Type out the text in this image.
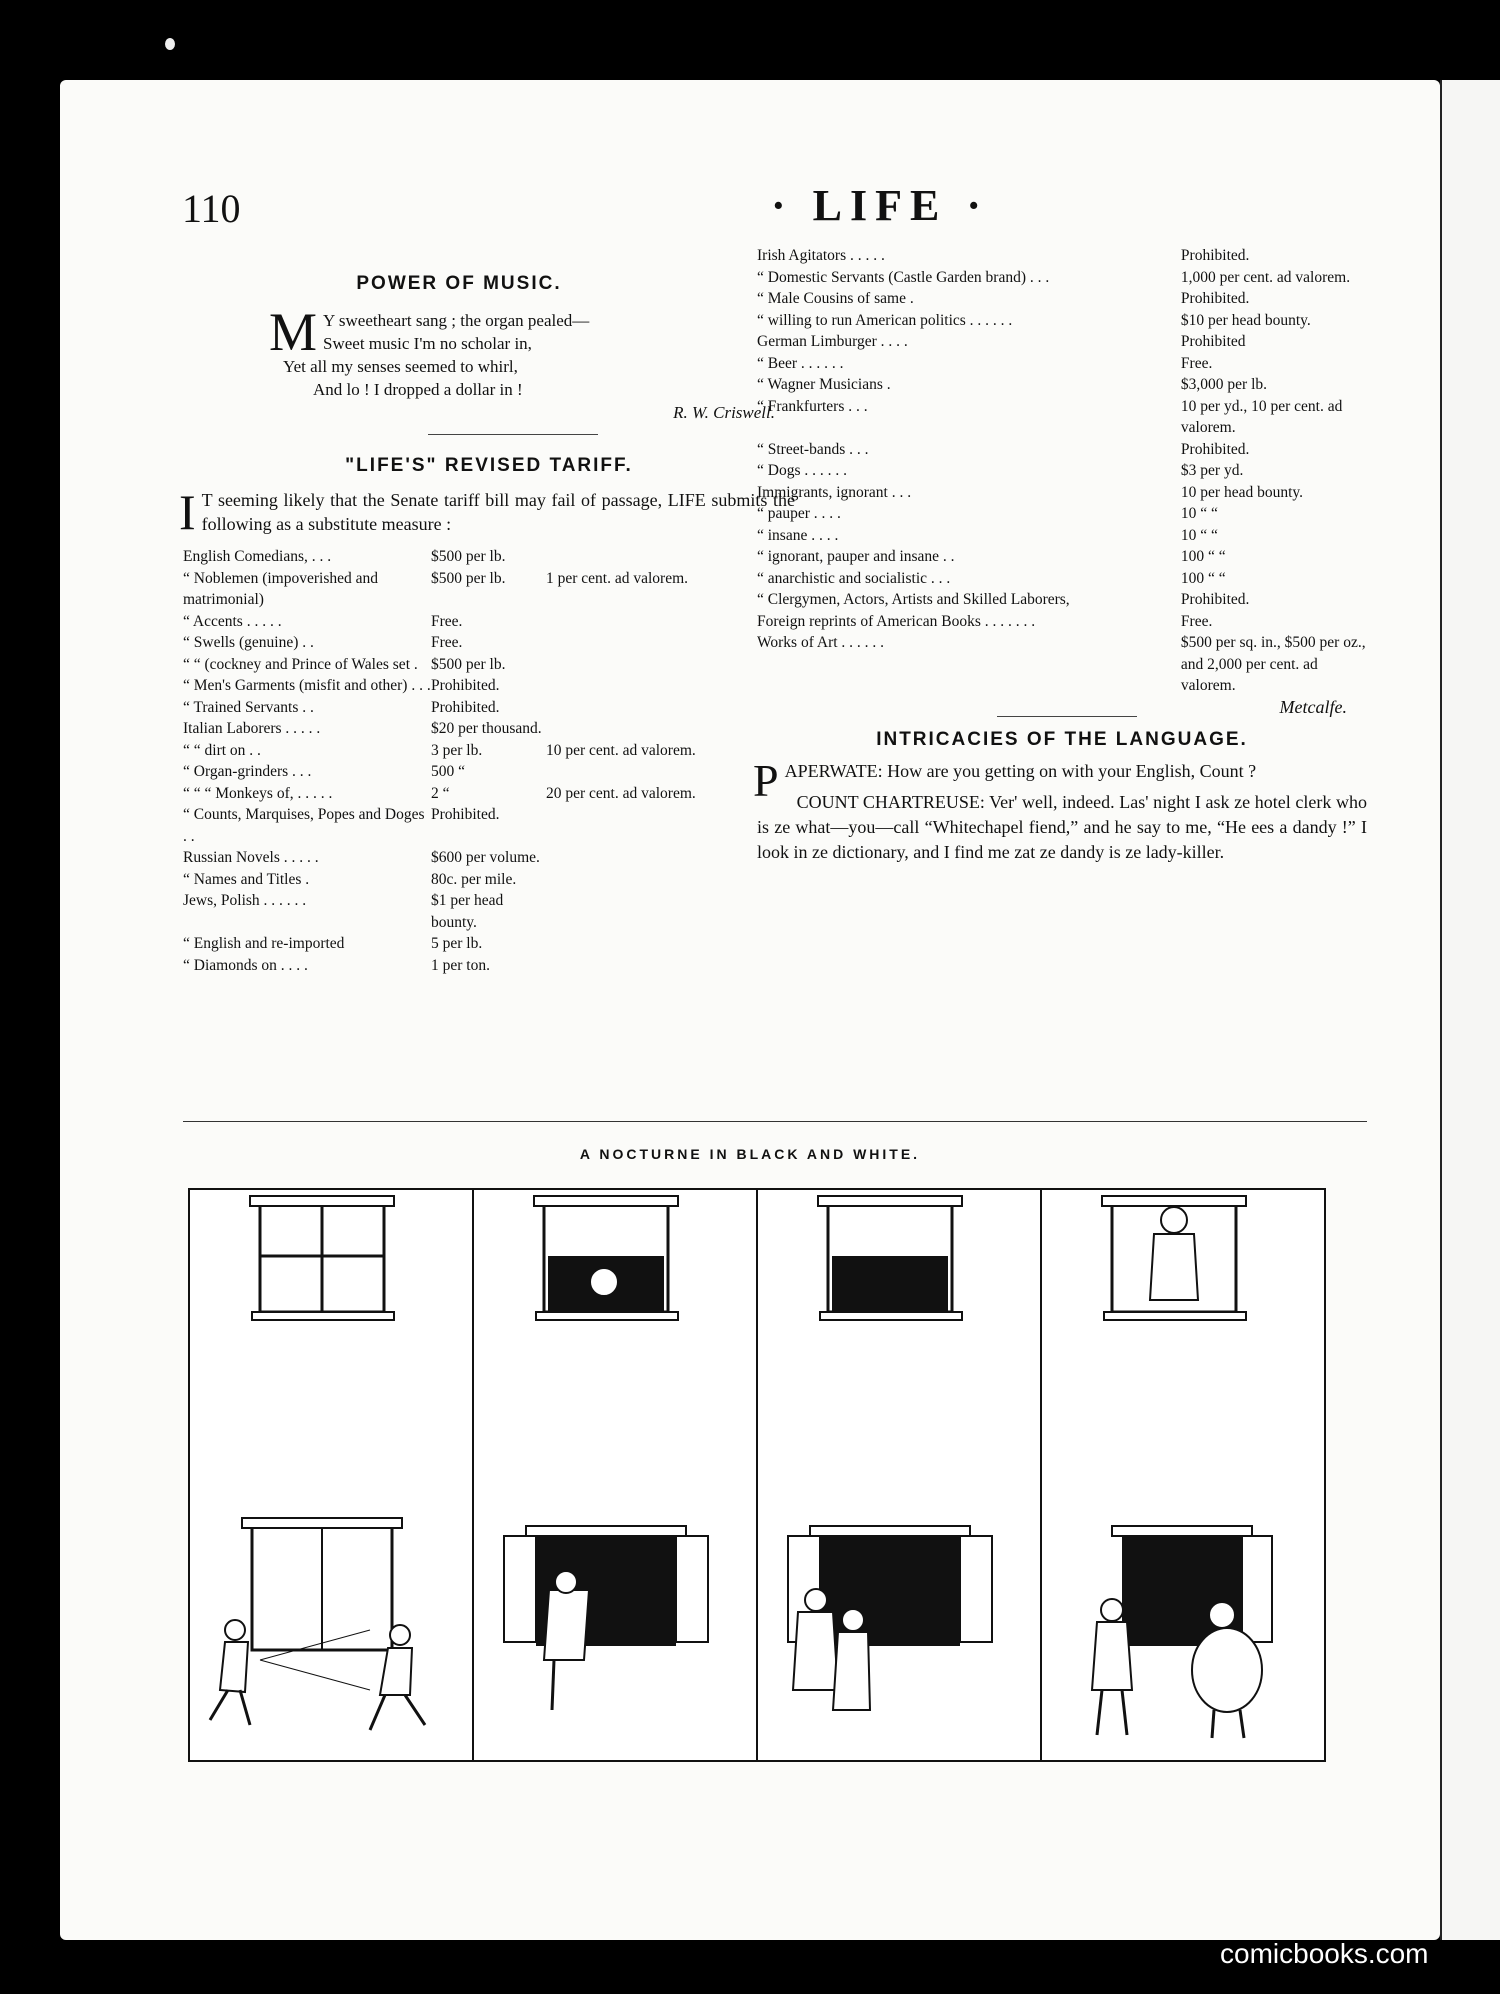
110	· LIFE ·
POWER OF MUSIC.
M Y sweetheart sang ; the organ pealed—
Sweet music I'm no scholar in,
Yet all my senses seemed to whirl,
And lo ! I dropped a dollar in !
R. W. Criswell.
"LIFE'S" REVISED TARIFF.
I T seeming likely that the Senate tariff bill may fail of passage, LIFE submits the following as a substitute measure :
English Comedians, . . .	$500 per lb.	
“ Noblemen (impoverished and matrimonial)	$500 per lb.	1 per cent. ad valorem.
“ Accents . . . . .	Free.	
“ Swells (genuine) . .	Free.	
“ “ (cockney and Prince of Wales set .	$500 per lb.	
“ Men's Garments (misfit and other) . . .	Prohibited.	
“ Trained Servants . .	Prohibited.	
Italian Laborers . . . . .	$20 per thousand.	
“ “ dirt on . .	3 per lb.	10 per cent. ad valorem.
“ Organ-grinders . . .	500 “	
“ “ “ Monkeys of, . . . . .	2 “	20 per cent. ad valorem.
“ Counts, Marquises, Popes and Doges . .	Prohibited.	
Russian Novels . . . . .	$600 per volume.	
“ Names and Titles .	80c. per mile.	
Jews, Polish . . . . . .	$1 per head bounty.	
“ English and re-imported	5 per lb.	
“ Diamonds on . . . .	1 per ton.	
Irish Agitators . . . . .	Prohibited.
“ Domestic Servants (Castle Garden brand) . . .	1,000 per cent. ad valorem.
“ Male Cousins of same .	Prohibited.
“ willing to run American politics . . . . . .	$10 per head bounty.
German Limburger . . . .	Prohibited
“ Beer . . . . . .	Free.
“ Wagner Musicians .	$3,000 per lb.
“ Frankfurters . . .	10 per yd., 10 per cent. ad valorem.
“ Street-bands . . .	Prohibited.
“ Dogs . . . . . .	$3 per yd.
Immigrants, ignorant . . .	10 per head bounty.
“ pauper . . . .	10 “ “
“ insane . . . .	10 “ “
“ ignorant, pauper and insane . .	100 “ “
“ anarchistic and socialistic . . .	100 “ “
“ Clergymen, Actors, Artists and Skilled Laborers,	Prohibited.
Foreign reprints of American Books . . . . . . .	Free.
Works of Art . . . . . .	$500 per sq. in., $500 per oz., and 2,000 per cent. ad valorem.
Metcalfe.
INTRICACIES OF THE LANGUAGE.

PAPERWATE: How are you getting on with your English, Count ?

COUNT CHARTREUSE: Ver' well, indeed. Las' night I ask ze hotel clerk who is ze what—you—call “Whitechapel fiend,” and he say to me, “He ees a dandy !” I look in ze dictionary, and I find me zat ze dandy is ze lady-killer.

A NOCTURNE IN BLACK AND WHITE.
comicbooks.com
